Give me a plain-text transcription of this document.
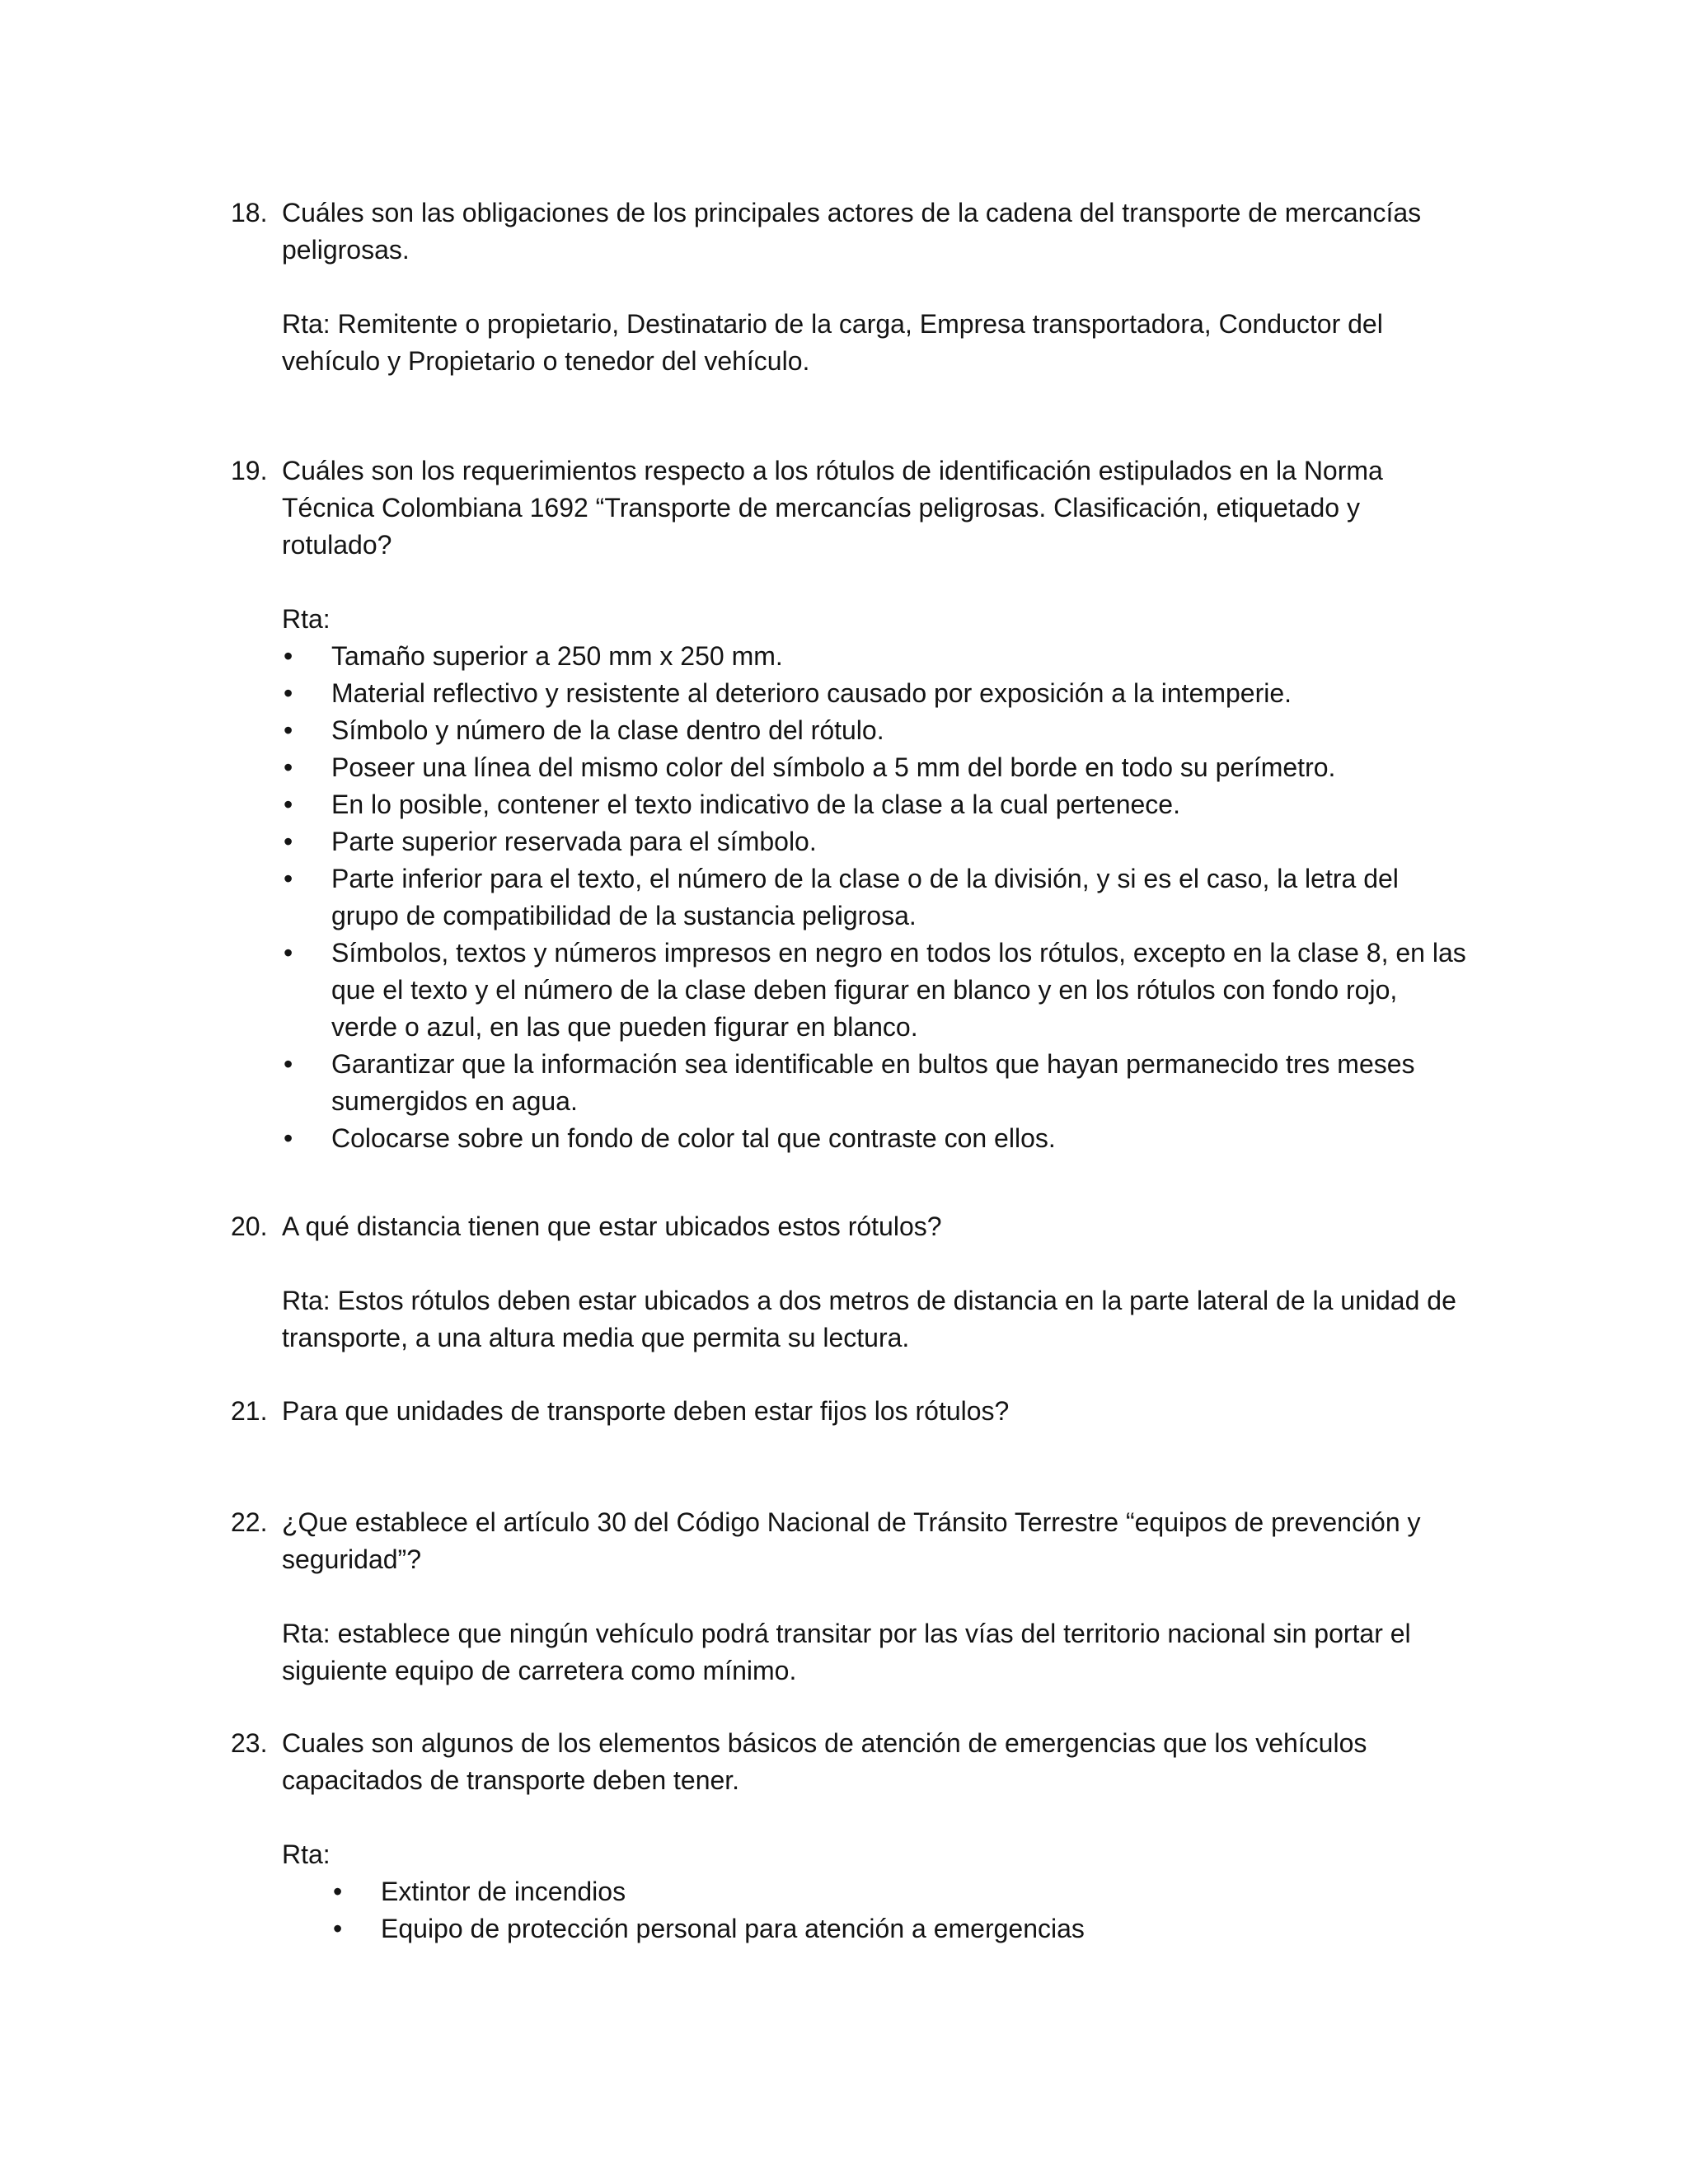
18. Cuáles son las obligaciones de los principales actores de la cadena del transporte de mercancías peligrosas.
Rta: Remitente o propietario, Destinatario de la carga, Empresa transportadora, Conductor del vehículo y Propietario o tenedor del vehículo.
19. Cuáles son los requerimientos respecto a los rótulos de identificación estipulados en la Norma Técnica Colombiana 1692 “Transporte de mercancías peligrosas. Clasificación, etiquetado y rotulado?
Rta:
•	Tamaño superior a 250 mm x 250 mm.
•	Material reflectivo y resistente al deterioro causado por exposición a la intemperie.
•	Símbolo y número de la clase dentro del rótulo.
•	Poseer una línea del mismo color del símbolo a 5 mm del borde en todo su perímetro.
•	En lo posible, contener el texto indicativo de la clase a la cual pertenece.
•	Parte superior reservada para el símbolo.
•	Parte inferior para el texto, el número de la clase o de la división, y si es el caso, la letra del grupo de compatibilidad de la sustancia peligrosa.
•	Símbolos, textos y números impresos en negro en todos los rótulos, excepto en la clase 8, en las que el texto y el número de la clase deben figurar en blanco y en los rótulos con fondo rojo, verde o azul, en las que pueden figurar en blanco.
•	Garantizar que la información sea identificable en bultos que hayan permanecido tres meses sumergidos en agua.
•	Colocarse sobre un fondo de color tal que contraste con ellos.
20. A qué distancia tienen que estar ubicados estos rótulos?
Rta: Estos rótulos deben estar ubicados a dos metros de distancia en la parte lateral de la unidad de transporte, a una altura media que permita su lectura.
21. Para que unidades de transporte deben estar fijos los rótulos?
22. ¿Que establece el artículo 30 del Código Nacional de Tránsito Terrestre “equipos de prevención y seguridad”?
Rta: establece que ningún vehículo podrá transitar por las vías del territorio nacional sin portar el siguiente equipo de carretera como mínimo.
23. Cuales son algunos de los elementos básicos de atención de emergencias que los vehículos capacitados de transporte deben tener.
Rta:
•	Extintor de incendios
•	Equipo de protección personal para atención a emergencias
